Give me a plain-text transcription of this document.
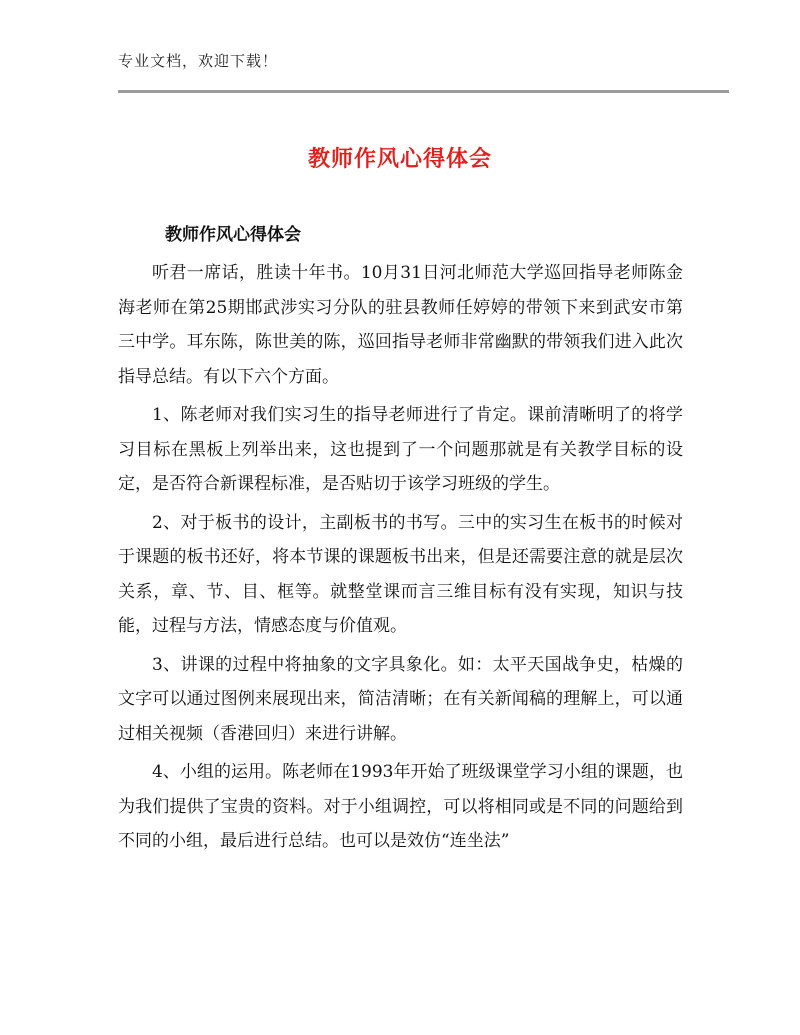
专业文档，欢迎下载！
教师作风心得体会
教师作风心得体会

听君一席话，胜读十年书。10月31日河北师范大学巡回指导老师陈金海老师在第25期邯武涉实习分队的驻县教师任婷婷的带领下来到武安市第三中学。耳东陈，陈世美的陈，巡回指导老师非常幽默的带领我们进入此次指导总结。有以下六个方面。

1、陈老师对我们实习生的指导老师进行了肯定。课前清晰明了的将学习目标在黑板上列举出来，这也提到了一个问题那就是有关教学目标的设定，是否符合新课程标准，是否贴切于该学习班级的学生。

2、对于板书的设计，主副板书的书写。三中的实习生在板书的时候对于课题的板书还好，将本节课的课题板书出来，但是还需要注意的就是层次关系，章、节、目、框等。就整堂课而言三维目标有没有实现，知识与技能，过程与方法，情感态度与价值观。

3、讲课的过程中将抽象的文字具象化。如：太平天国战争史，枯燥的文字可以通过图例来展现出来，简洁清晰；在有关新闻稿的理解上，可以通过相关视频（香港回归）来进行讲解。

4、小组的运用。陈老师在1993年开始了班级课堂学习小组的课题，也为我们提供了宝贵的资料。对于小组调控，可以将相同或是不同的问题给到不同的小组，最后进行总结。也可以是效仿“连坐法”
